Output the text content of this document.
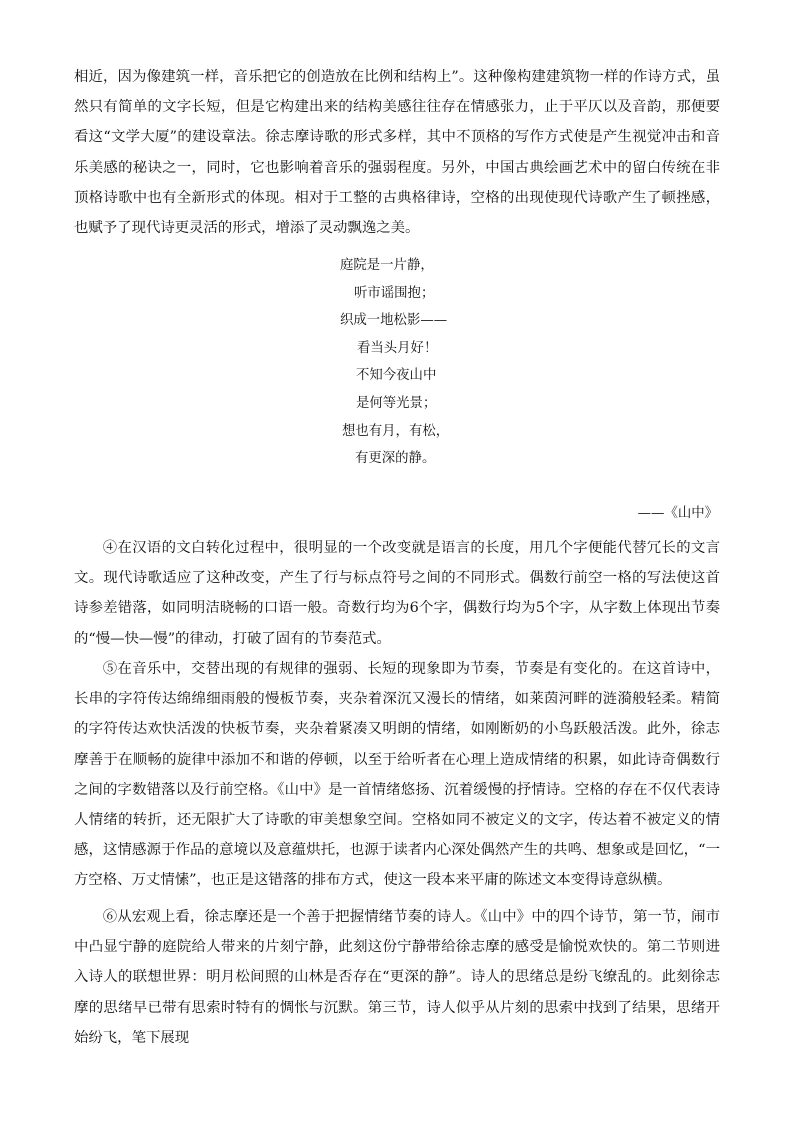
相近，因为像建筑一样，音乐把它的创造放在比例和结构上”。这种像构建建筑物一样的作诗方式，虽然只有简单的文字长短，但是它构建出来的结构美感往往存在情感张力，止于平仄以及音韵，那便要看这“文学大厦”的建设章法。徐志摩诗歌的形式多样，其中不顶格的写作方式使是产生视觉冲击和音乐美感的秘诀之一，同时，它也影响着音乐的强弱程度。另外，中国古典绘画艺术中的留白传统在非顶格诗歌中也有全新形式的体现。相对于工整的古典格律诗，空格的出现使现代诗歌产生了顿挫感，也赋予了现代诗更灵活的形式，增添了灵动飘逸之美。

庭院是一片静，
听市谣围抱；
织成一地松影——
看当头月好！
不知今夜山中
是何等光景；
想也有月，有松，
有更深的静。
——《山中》

④在汉语的文白转化过程中，很明显的一个改变就是语言的长度，用几个字便能代替冗长的文言文。现代诗歌适应了这种改变，产生了行与标点符号之间的不同形式。偶数行前空一格的写法使这首诗参差错落，如同明洁晓畅的口语一般。奇数行均为6个字，偶数行均为5个字，从字数上体现出节奏的“慢—快—慢”的律动，打破了固有的节奏范式。

⑤在音乐中，交替出现的有规律的强弱、长短的现象即为节奏，节奏是有变化的。在这首诗中，长串的字符传达绵绵细雨般的慢板节奏，夹杂着深沉又漫长的情绪，如莱茵河畔的涟漪般轻柔。精简的字符传达欢快活泼的快板节奏，夹杂着紧凑又明朗的情绪，如刚断奶的小鸟跃般活泼。此外，徐志摩善于在顺畅的旋律中添加不和谐的停顿，以至于给听者在心理上造成情绪的积累，如此诗奇偶数行之间的字数错落以及行前空格。《山中》是一首情绪悠扬、沉着缓慢的抒情诗。空格的存在不仅代表诗人情绪的转折，还无限扩大了诗歌的审美想象空间。空格如同不被定义的文字，传达着不被定义的情感，这情感源于作品的意境以及意蕴烘托，也源于读者内心深处偶然产生的共鸣、想象或是回忆，“一方空格、万丈情愫”，也正是这错落的排布方式，使这一段本来平庸的陈述文本变得诗意纵横。

⑥从宏观上看，徐志摩还是一个善于把握情绪节奏的诗人。《山中》中的四个诗节，第一节，闹市中凸显宁静的庭院给人带来的片刻宁静，此刻这份宁静带给徐志摩的感受是愉悦欢快的。第二节则进入诗人的联想世界：明月松间照的山林是否存在“更深的静”。诗人的思绪总是纷飞缭乱的。此刻徐志摩的思绪早已带有思索时特有的惆怅与沉默。第三节，诗人似乎从片刻的思索中找到了结果，思绪开始纷飞，笔下展现
